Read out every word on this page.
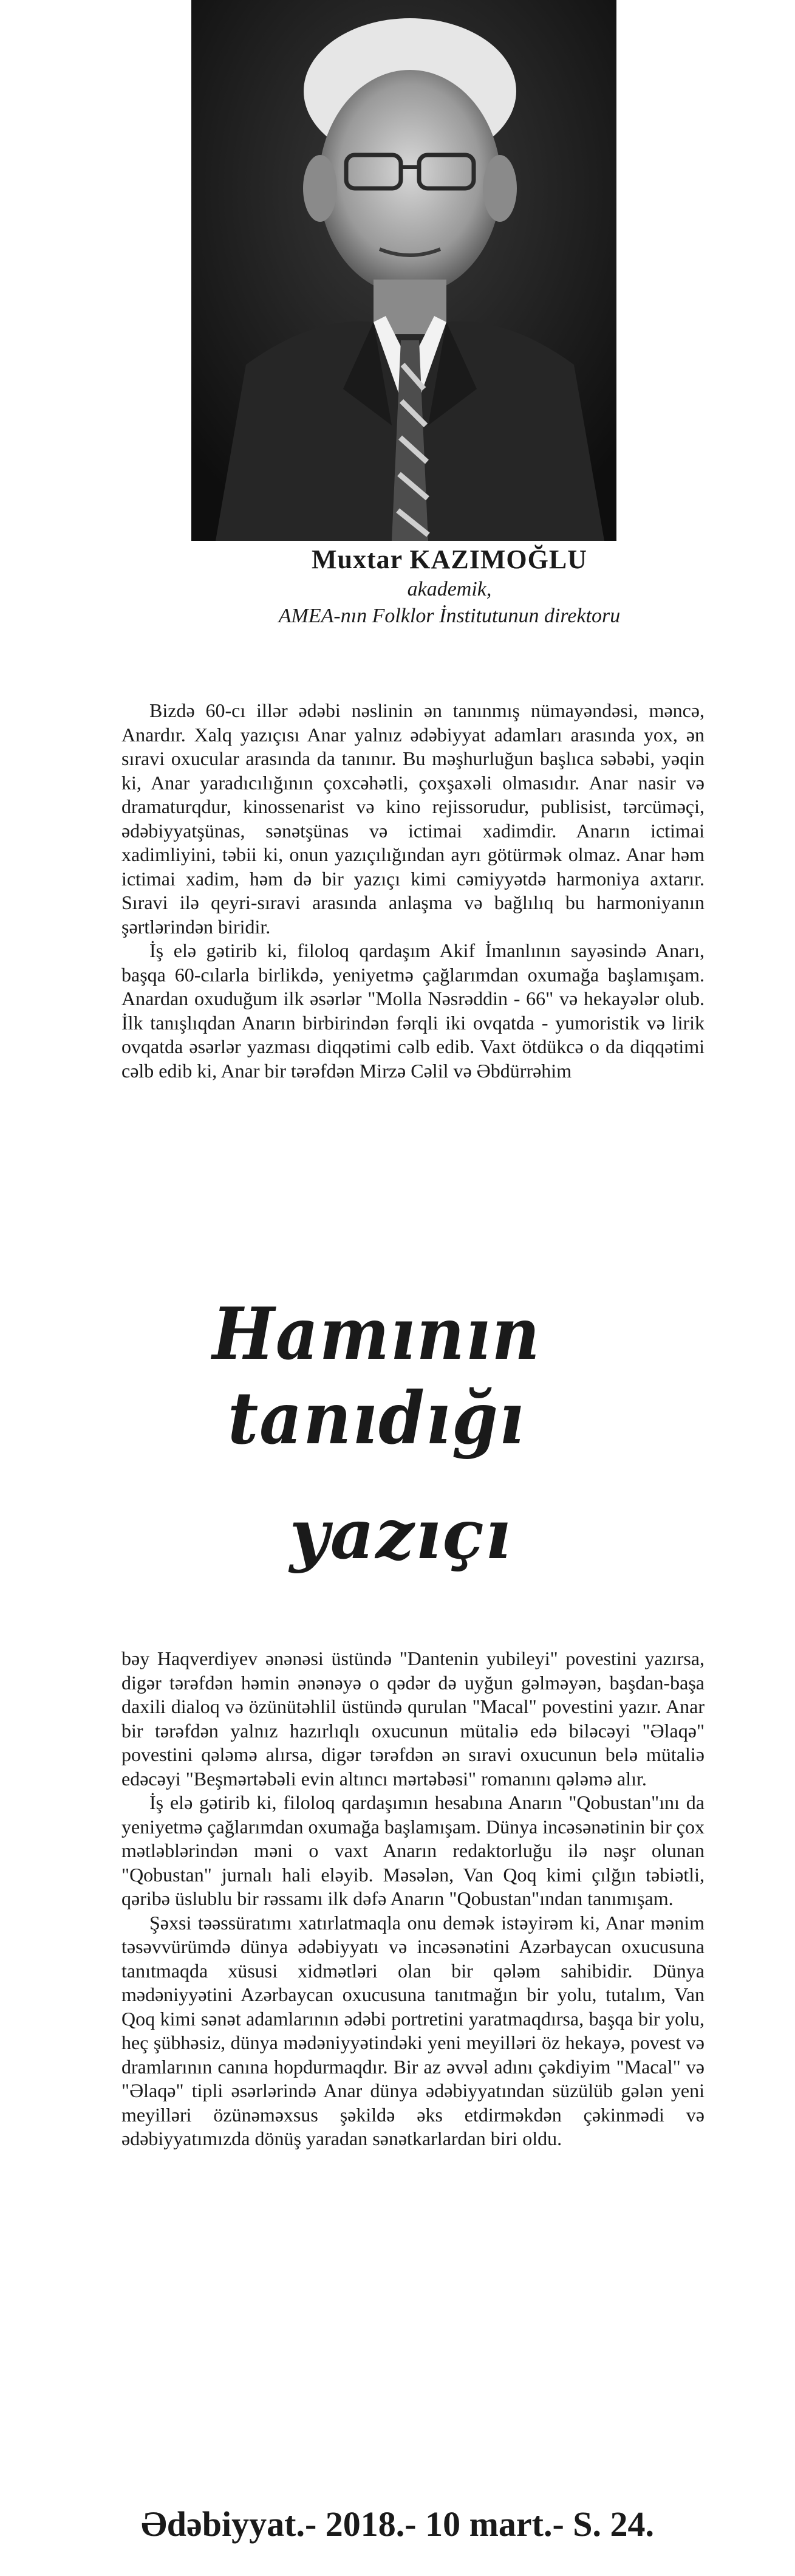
Muxtar KAZIMOĞLU
akademik,
AMEA-nın Folklor İnstitutunun direktoru

Bizdə 60-cı illər ədəbi nəslinin ən tanınmış nümayəndəsi, məncə, Anardır. Xalq yazıçısı Anar yalnız ədəbiyyat adamları arasında yox, ən sıravi oxucular arasında da tanınır. Bu məşhurluğun başlıca səbəbi, yəqin ki, Anar yaradıcılığının çoxcəhətli, çoxşaxəli olmasıdır. Anar nasir və dramaturqdur, kinossenarist və kino rejissorudur, publisist, tərcüməçi, ədəbiyyatşünas, sənətşünas və ictimai xadimdir. Anarın ictimai xadimliyini, təbii ki, onun yazıçılığından ayrı götürmək olmaz. Anar həm ictimai xadim, həm də bir yazıçı kimi cəmiyyətdə harmoniya axtarır. Sıravi ilə qeyri-sıravi arasında anlaşma və bağlılıq bu harmoniyanın şərtlərindən biridir.

İş elə gətirib ki, filoloq qardaşım Akif İmanlının sayəsində Anarı, başqa 60-cılarla birlikdə, yeniyetmə çağlarımdan oxumağa başlamışam. Anardan oxuduğum ilk əsərlər "Molla Nəsrəddin - 66" və hekayələr olub. İlk tanışlıqdan Anarın birbirindən fərqli iki ovqatda - yumoristik və lirik ovqatda əsərlər yazması diqqətimi cəlb edib. Vaxt ötdükcə o da diqqətimi cəlb edib ki, Anar bir tərəfdən Mirzə Cəlil və Əbdürrəhim

Hamının tanıdığı
yazıçı

bəy Haqverdiyev ənənəsi üstündə "Dantenin yubileyi" povestini yazırsa, digər tərəfdən həmin ənənəyə o qədər də uyğun gəlməyən, başdan-başa daxili dialoq və özünütəhlil üstündə qurulan "Macal" povestini yazır. Anar bir tərəfdən yalnız hazırlıqlı oxucunun mütaliə edə biləcəyi "Əlaqə" povestini qələmə alırsa, digər tərəfdən ən sıravi oxucunun belə mütaliə edəcəyi "Beşmərtəbəli evin altıncı mərtəbəsi" romanını qələmə alır.

İş elə gətirib ki, filoloq qardaşımın hesabına Anarın "Qobustan"ını da yeniyetmə çağlarımdan oxumağa başlamışam. Dünya incəsənətinin bir çox mətləblərindən məni o vaxt Anarın redaktorluğu ilə nəşr olunan "Qobustan" jurnalı hali eləyib. Məsələn, Van Qoq kimi çılğın təbiətli, qəribə üslublu bir rəssamı ilk dəfə Anarın "Qobustan"ından tanımışam.

Şəxsi təəssüratımı xatırlatmaqla onu demək istəyirəm ki, Anar mənim təsəvvürümdə dünya ədəbiyyatı və incəsənətini Azərbaycan oxucusuna tanıtmaqda xüsusi xidmətləri olan bir qələm sahibidir. Dünya mədəniyyətini Azərbaycan oxucusuna tanıtmağın bir yolu, tutalım, Van Qoq kimi sənət adamlarının ədəbi portretini yaratmaqdırsa, başqa bir yolu, heç şübhəsiz, dünya mədəniyyətindəki yeni meyilləri öz hekayə, povest və dramlarının canına hopdurmaqdır. Bir az əvvəl adını çəkdiyim "Macal" və "Əlaqə" tipli əsərlərində Anar dünya ədəbiyyatından süzülüb gələn yeni meyilləri özünəməxsus şəkildə əks etdirməkdən çəkinmədi və ədəbiyyatımızda dönüş yaradan sənətkarlardan biri oldu.

Ədəbiyyat.- 2018.- 10 mart.- S. 24.
